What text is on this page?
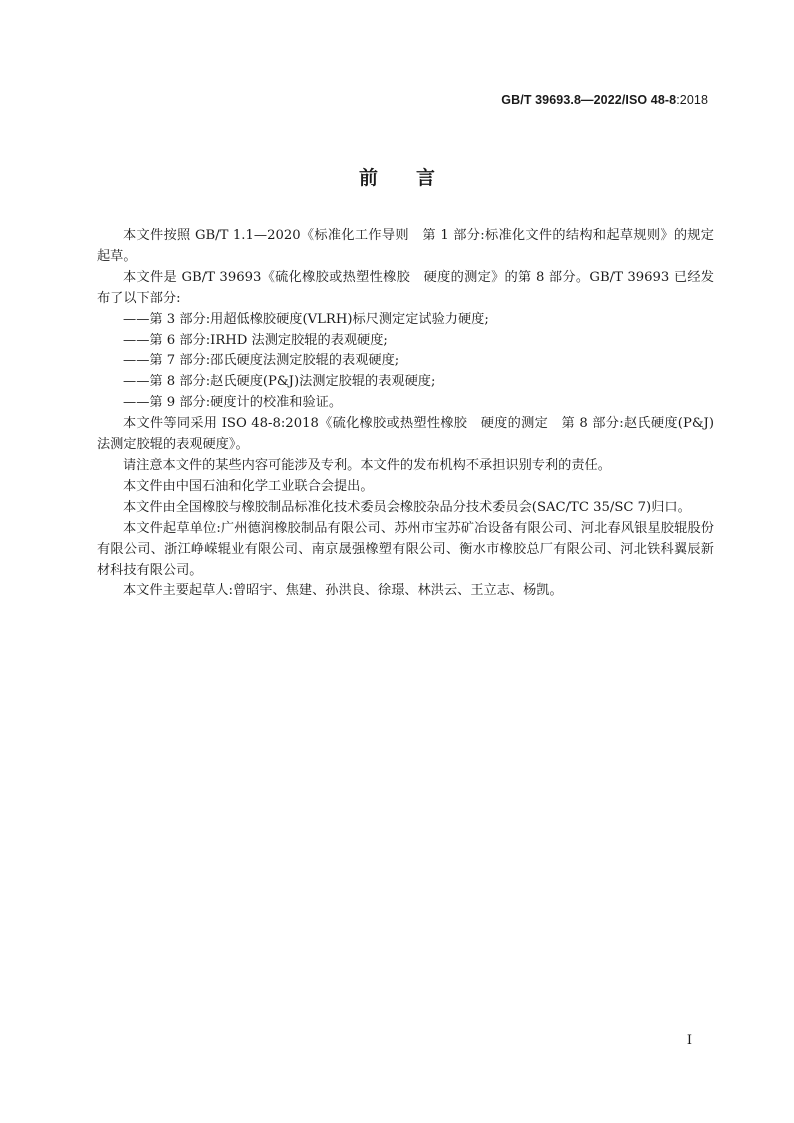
GB/T 39693.8—2022/ISO 48-8:2018
前 言

本文件按照 GB/T 1.1—2020《标准化工作导则　第 1 部分:标准化文件的结构和起草规则》的规定起草。

本文件是 GB/T 39693《硫化橡胶或热塑性橡胶　硬度的测定》的第 8 部分。GB/T 39693 已经发布了以下部分:

——第 3 部分:用超低橡胶硬度(VLRH)标尺测定定试验力硬度;

——第 6 部分:IRHD 法测定胶辊的表观硬度;

——第 7 部分:邵氏硬度法测定胶辊的表观硬度;

——第 8 部分:赵氏硬度(P&J)法测定胶辊的表观硬度;

——第 9 部分:硬度计的校准和验证。

本文件等同采用 ISO 48-8:2018《硫化橡胶或热塑性橡胶　硬度的测定　第 8 部分:赵氏硬度(P&J)法测定胶辊的表观硬度》。

请注意本文件的某些内容可能涉及专利。本文件的发布机构不承担识别专利的责任。

本文件由中国石油和化学工业联合会提出。

本文件由全国橡胶与橡胶制品标准化技术委员会橡胶杂品分技术委员会(SAC/TC 35/SC 7)归口。

本文件起草单位:广州德润橡胶制品有限公司、苏州市宝苏矿冶设备有限公司、河北春风银星胶辊股份有限公司、浙江峥嵘辊业有限公司、南京晟强橡塑有限公司、衡水市橡胶总厂有限公司、河北铁科翼辰新材科技有限公司。

本文件主要起草人:曾昭宇、焦建、孙洪良、徐璟、林洪云、王立志、杨凯。

I
